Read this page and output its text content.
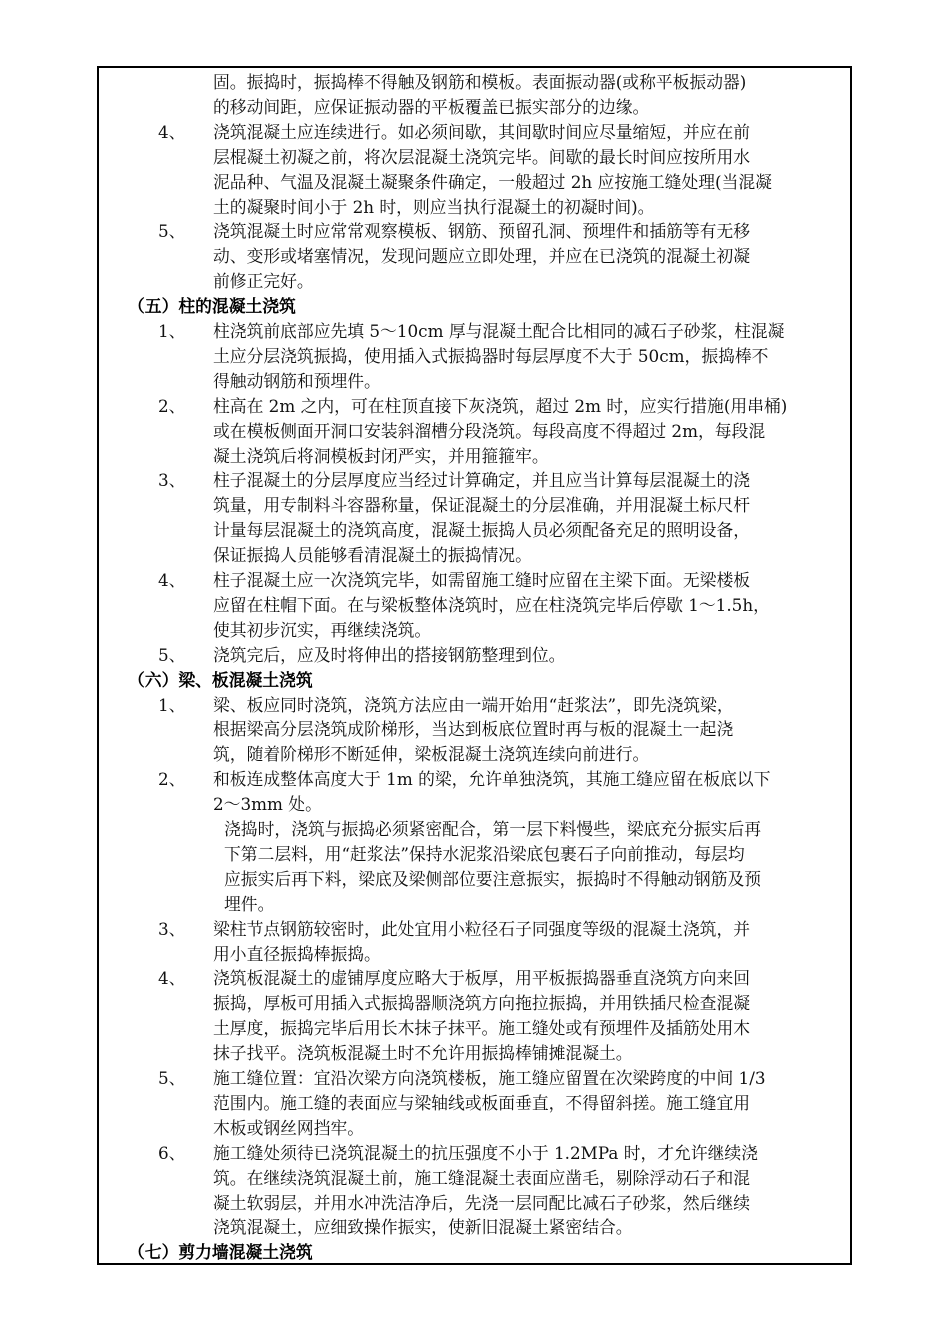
固。振捣时，振捣棒不得触及钢筋和模板。表面振动器(或称平板振动器)
的移动间距，应保证振动器的平板覆盖已振实部分的边缘。
4、 浇筑混凝土应连续进行。如必须间歇，其间歇时间应尽量缩短，并应在前
层棍凝土初凝之前，将次层混凝土浇筑完毕。间歇的最长时间应按所用水
泥品种、气温及混凝土凝聚条件确定，一般超过 2h 应按施工缝处理(当混凝
土的凝聚时间小于 2h 时，则应当执行混凝土的初凝时间)。
5、 浇筑混凝土时应常常观察模板、钢筋、预留孔洞、预埋件和插筋等有无移
动、变形或堵塞情况，发现问题应立即处理，并应在已浇筑的混凝土初凝
前修正完好。
（五）柱的混凝土浇筑
1、 柱浇筑前底部应先填 5～10cm 厚与混凝土配合比相同的减石子砂浆，柱混凝
土应分层浇筑振捣，使用插入式振捣器时每层厚度不大于 50cm，振捣棒不
得触动钢筋和预埋件。
2、 柱高在 2m 之内，可在柱顶直接下灰浇筑，超过 2m 时，应实行措施(用串桶)
或在模板侧面开洞口安装斜溜槽分段浇筑。每段高度不得超过 2m，每段混
凝土浇筑后将洞模板封闭严实，并用箍箍牢。
3、 柱子混凝土的分层厚度应当经过计算确定，并且应当计算每层混凝土的浇
筑量，用专制料斗容器称量，保证混凝土的分层准确，并用混凝土标尺杆
计量每层混凝土的浇筑高度，混凝土振捣人员必须配备充足的照明设备，
保证振捣人员能够看清混凝土的振捣情况。
4、 柱子混凝土应一次浇筑完毕，如需留施工缝时应留在主梁下面。无梁楼板
应留在柱帽下面。在与梁板整体浇筑时，应在柱浇筑完毕后停歇 1～1.5h，
使其初步沉实，再继续浇筑。
5、 浇筑完后，应及时将伸出的搭接钢筋整理到位。
（六）梁、板混凝土浇筑
1、 梁、板应同时浇筑，浇筑方法应由一端开始用“赶浆法”，即先浇筑梁，
根据梁高分层浇筑成阶梯形，当达到板底位置时再与板的混凝土一起浇
筑，随着阶梯形不断延伸，梁板混凝土浇筑连续向前进行。
2、 和板连成整体高度大于 1m 的梁，允许单独浇筑，其施工缝应留在板底以下
2～3mm 处。
浇捣时，浇筑与振捣必须紧密配合，第一层下料慢些，梁底充分振实后再
下第二层料，用“赶浆法”保持水泥浆沿梁底包裹石子向前推动，每层均
应振实后再下料，梁底及梁侧部位要注意振实，振捣时不得触动钢筋及预
埋件。
3、 梁柱节点钢筋较密时，此处宜用小粒径石子同强度等级的混凝土浇筑，并
用小直径振捣棒振捣。
4、 浇筑板混凝土的虚铺厚度应略大于板厚，用平板振捣器垂直浇筑方向来回
振捣，厚板可用插入式振捣器顺浇筑方向拖拉振捣，并用铁插尺检查混凝
土厚度，振捣完毕后用长木抹子抹平。施工缝处或有预埋件及插筋处用木
抹子找平。浇筑板混凝土时不允许用振捣棒铺摊混凝土。
5、 施工缝位置：宜沿次梁方向浇筑楼板，施工缝应留置在次梁跨度的中间 1/3
范围内。施工缝的表面应与梁轴线或板面垂直，不得留斜搓。施工缝宜用
木板或钢丝网挡牢。
6、 施工缝处须待已浇筑混凝土的抗压强度不小于 1.2MPa 时，才允许继续浇
筑。在继续浇筑混凝土前，施工缝混凝土表面应凿毛，剔除浮动石子和混
凝土软弱层，并用水冲洗洁净后，先浇一层同配比减石子砂浆，然后继续
浇筑混凝土，应细致操作振实，使新旧混凝土紧密结合。
（七）剪力墙混凝土浇筑
